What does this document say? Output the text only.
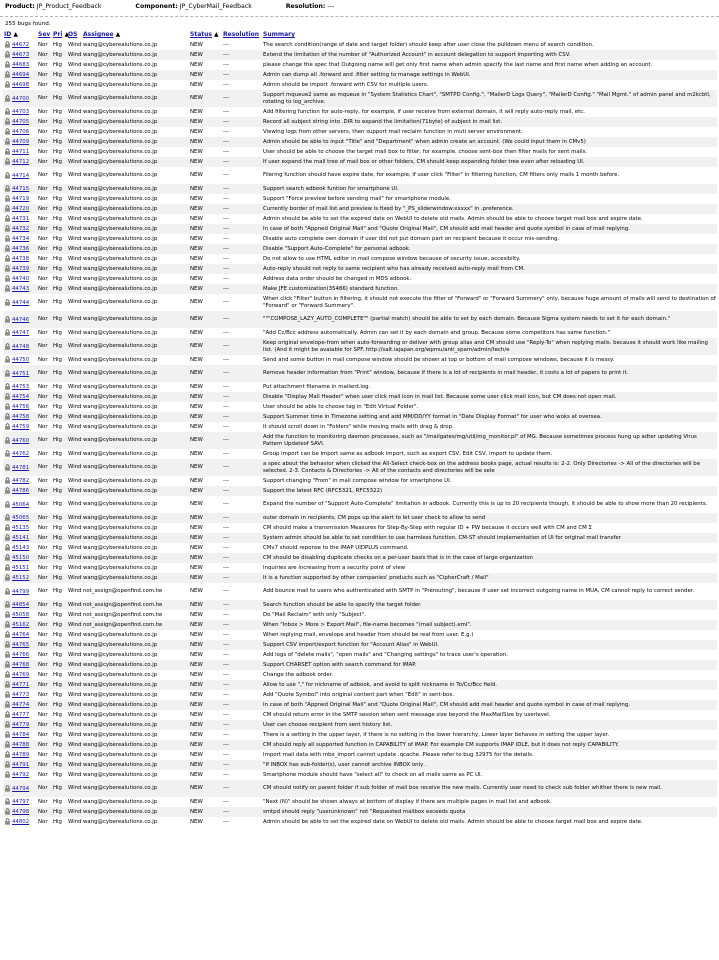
Product: JP_Product_Feedback	Component: JP_CyberMail_Feedback	Resolution: ---
255 bugs found.
ID ▲	Sev	Pri ▲	OS	Assignee ▲	Status ▲	Resolution	Summary
44672	Nor	Hig	Wind	wang@cyberealutions.co.jp	NEW	---	The search condition(range of date and target folder) should keep after user close the pulldown menu of search condition.
44673	Nor	Hig	Wind	wang@cyberealutions.co.jp	NEW	---	Extend the limitation of the number of "Authorized Account" in account delegation to support importing with CSV.
44683	Nor	Hig	Wind	wang@cyberealutions.co.jp	NEW	---	please change the spec that Outgoing name will get only first name when admin specify the last name and first name when adding an account.
44694	Nor	Hig	Wind	wang@cyberealutions.co.jp	NEW	---	Admin can dump all .forward and .filter setting to manage settings in WebUI.
44698	Nor	Hig	Wind	wang@cyberealutions.co.jp	NEW	---	Admin should be import .forward with CSV for multiple users.
44700	Nor	Hig	Wind	wang@cyberealutions.co.jp	NEW	---	Support mqueue2 same as mqueue in "System Statistics Chart", "SMTPD Config.", "MailerD Logs Query", "MailerD Config." "Mail Mgmt." of admin panel and m2kcbtl, rotating to log_archive.
44703	Nor	Hig	Wind	wang@cyberealutions.co.jp	NEW	---	Add filtering function for auto-reply, for example, if user receive from external domain, it will reply auto-reply mail, etc.
44705	Nor	Hig	Wind	wang@cyberealutions.co.jp	NEW	---	Record all subject string into .DIR to expand the limitation(71byte) of subject in mail list.
44706	Nor	Hig	Wind	wang@cyberealutions.co.jp	NEW	---	Viewing logs from other servers, then support mail reclaim function in muti server environment.
44709	Nor	Hig	Wind	wang@cyberealutions.co.jp	NEW	---	Admin should be able to input "Title" and "Department" when admin create an account. (We could input them in CMv5)
44711	Nor	Hig	Wind	wang@cyberealutions.co.jp	NEW	---	User should be able to choose the target mail box to filter, for example, choose sent-box then filter mails for sent mails.
44712	Nor	Hig	Wind	wang@cyberealutions.co.jp	NEW	---	If user expand the mail tree of mail box or other folders, CM should keep expanding folder tree even after reloading UI.
44714	Nor	Hig	Wind	wang@cyberealutions.co.jp	NEW	---	Filering function should have expire date, for example, if user click "Filter" in filtering function, CM filters only mails 1 month before.
44715	Nor	Hig	Wind	wang@cyberealutions.co.jp	NEW	---	Support search adbook funtion for smartphone UI.
44719	Nor	Hig	Wind	wang@cyberealutions.co.jp	NEW	---	Support "Force preview before sending mail" for smartphone module.
44720	Nor	Hig	Wind	wang@cyberealutions.co.jp	NEW	---	Currently border of mail list and preview is fixed by "_PS_sliderwindow:xxxxx" in .preference.
44731	Nor	Hig	Wind	wang@cyberealutions.co.jp	NEW	---	Admin should be able to set the expired date on WebUI to delete old mails. Admin should be able to choose target mail box and expire date.
44732	Nor	Hig	Wind	wang@cyberealutions.co.jp	NEW	---	In case of both "Appned Original Mail" and "Quote Original Mail", CM should add mail header and quote symbol in case of mail replying.
44734	Nor	Hig	Wind	wang@cyberealutions.co.jp	NEW	---	Disable auto complete own domain if user did not put domain part on recipient because it occur mis-sending.
44736	Nor	Hig	Wind	wang@cyberealutions.co.jp	NEW	---	Disable "Support Auto-Complete" for personal adbook.
44738	Nor	Hig	Wind	wang@cyberealutions.co.jp	NEW	---	Do not allow to use HTML editor in mail compose window because of security issue, accesibilty.
44739	Nor	Hig	Wind	wang@cyberealutions.co.jp	NEW	---	Auto-reply should not reply to same recipient who has already received auto-reply mail from CM.
44740	Nor	Hig	Wind	wang@cyberealutions.co.jp	NEW	---	Address data order should be changed in MDS adbook.
44743	Nor	Hig	Wind	wang@cyberealutions.co.jp	NEW	---	Make JFE customization(35486) standard function.
44744	Nor	Hig	Wind	wang@cyberealutions.co.jp	NEW	---	When click "Filter" button in filtering, it should not execute the filter of "Forward" or "Forward Summery" only, because huge amount of mails will send to destination of "Forward" or "Forward Summery".
44746	Nor	Hig	Wind	wang@cyberealutions.co.jp	NEW	---	"""COMPOSE_LAZY_AUTO_COMPLETE"" (partial match) should be able to set by each domain. Because Sigma system needs to set it for each domain."
44747	Nor	Hig	Wind	wang@cyberealutions.co.jp	NEW	---	"Add Cc/Bcc address automatically. Admin can set it by each domain and group. Because some competitors has same function."
44748	Nor	Hig	Wind	wang@cyberealutions.co.jp	NEW	---	Keep original envelope-from when auto-forwarding or deliver with group alias and CM should use "Reply-To" when replying mails. because it should work like mailing list. (And it might be avaiable for SPF. http://salt.iajapan.org/wpmu/anti_spam/admin/tech/e
44750	Nor	Hig	Wind	wang@cyberealutions.co.jp	NEW	---	Send and some button in mail compose window should be shown at top or bottom of mail compose windows, because it is messy.
44751	Nor	Hig	Wind	wang@cyberealutions.co.jp	NEW	---	Remove header information from "Print" window, because if there is a lot of recipients in mail header, it costs a lot of papers to print it.
44753	Nor	Hig	Wind	wang@cyberealutions.co.jp	NEW	---	Put attachment filename in mailerd.log.
44754	Nor	Hig	Wind	wang@cyberealutions.co.jp	NEW	---	Disable "Display Mail Header" when user click mail icon in mail list. Because some user click mail icon, but CM does not open mail.
44756	Nor	Hig	Wind	wang@cyberealutions.co.jp	NEW	---	User should be able to choose tag in "Edit Virtual Folder".
44758	Nor	Hig	Wind	wang@cyberealutions.co.jp	NEW	---	Support Summer time in Timezone setting and add MM/DD/YY format in "Date Display Format" for user who woks at oversea.
44759	Nor	Hig	Wind	wang@cyberealutions.co.jp	NEW	---	It should scroll down in "Folders" while moving mails with drag & drop.
44760	Nor	Hig	Wind	wang@cyberealutions.co.jp	NEW	---	Add the function to monitoring daemon processes, such as "/mailgates/mg/util/mg_monitor.pl" of MG. Because sometimes process hung up adter updating Virus Pattern Updateof SAVI.
44762	Nor	Hig	Wind	wang@cyberealutions.co.jp	NEW	---	Group import can be import same as adbook import, such as export CSV, Edit CSV, import to update them.
44781	Nor	Hig	Wind	wang@cyberealutions.co.jp	NEW	---	a spec about the behavior when clicked the All-Select check-box on the address books page, actual results is: 2-2. Only Directories -> All of the directories will be selected. 2-3. Contacts & Directories -> All of the contacts and directories will be sele
44782	Nor	Hig	Wind	wang@cyberealutions.co.jp	NEW	---	Support changing "From" in mail compose window for smartphone UI.
44786	Nor	Hig	Wind	wang@cyberealutions.co.jp	NEW	---	Support the latest RFC (RFC5321, RFC5322)
45064	Nor	Hig	Wind	wang@cyberealutions.co.jp	NEW	---	Expand the number of "Support Auto-Complete" limitation in adbook. Currently this is up to 20 recipients though, it should be able to show more than 20 recipients.
45065	Nor	Hig	Wind	wang@cyberealutions.co.jp	NEW	---	outer domain in recipients, CM pops up the alert to let user check to allow to send
45135	Nor	Hig	Wind	wang@cyberealutions.co.jp	NEW	---	CM should make a transmission Measures for Step-By-Step with regular ID + PW because it occurs well with CM and CM Σ
45141	Nor	Hig	Wind	wang@cyberealutions.co.jp	NEW	---	System admin should be able to set condition to use harmless function. CM-ST should implementation of UI for original mail transfer
45143	Nor	Hig	Wind	wang@cyberealutions.co.jp	NEW	---	CMv7 should reponse to the IMAP UIDPLUS command.
45150	Nor	Hig	Wind	wang@cyberealutions.co.jp	NEW	---	CM should be disabling duplicate checks on a per-user basis that is in the case of large organization
45151	Nor	Hig	Wind	wang@cyberealutions.co.jp	NEW	---	Inquiries are increasing from a security point of view
45152	Nor	Hig	Wind	wang@cyberealutions.co.jp	NEW	---	It is a function supported by other companies' products such as "CipherCraft / Mail"
44799	Nor	Hig	Wind	not_assign@openfind.com.tw	NEW	---	Add bounce mail to users who authenticated with SMTP in "Prerouting", because if user set incorrect outgoing name in MUA, CM cannot reply to correct sender.
44854	Nor	Hig	Wind	not_assign@openfind.com.tw	NEW	---	Search function should be able to specify the target folder.
45058	Nor	Hig	Wind	not_assign@openfind.com.tw	NEW	---	Do "Mail Reclaim" with only "Subject".
45162	Nor	Hig	Wind	not_assign@openfind.com.tw	NEW	---	When "Inbox > More > Export Mail", file-name becomes "(mail subject).eml".
44764	Nor	Hig	Wind	wang@cyberealutions.co.jp	NEW	---	When replying mail, envelope and header from should be real from user. E.g.)
44765	Nor	Hig	Wind	wang@cyberealutions.co.jp	NEW	---	Support CSV import/export function for "Account Alias" in WebUI.
44766	Nor	Hig	Wind	wang@cyberealutions.co.jp	NEW	---	Add logs of "delete mails", "open mails" and "Changing settings" to trace user's operation.
44768	Nor	Hig	Wind	wang@cyberealutions.co.jp	NEW	---	Support CHARSET option with search command for IMAP.
44769	Nor	Hig	Wind	wang@cyberealutions.co.jp	NEW	---	Change the adbook order.
44771	Nor	Hig	Wind	wang@cyberealutions.co.jp	NEW	---	Allow to use "," for nickname of adbook, and avoid to split nickname in To/Cc/Bcc field.
44773	Nor	Hig	Wind	wang@cyberealutions.co.jp	NEW	---	Add "Quote Symbol" into original content part when "Edit" in sent-box.
44774	Nor	Hig	Wind	wang@cyberealutions.co.jp	NEW	---	In case of both "Appned Original Mail" and "Quote Original Mail", CM should add mail header and quote symbol in case of mail replying.
44777	Nor	Hig	Wind	wang@cyberealutions.co.jp	NEW	---	CM should return error in the SMTP session when sent message size beyond the MaxMailSize by userlevel.
44779	Nor	Hig	Wind	wang@cyberealutions.co.jp	NEW	---	User can choose recipient from sent history list.
44784	Nor	Hig	Wind	wang@cyberealutions.co.jp	NEW	---	There is a setting in the upper layer, if there is no setting in the lower hierarchy, Lower layer behaves in setting the upper layer.
44788	Nor	Hig	Wind	wang@cyberealutions.co.jp	NEW	---	CM should reply all supported function in CAPABILITY of IMAP. For example CM supports IMAP IDLE, but it does not reply CAPABILITY.
44789	Nor	Hig	Wind	wang@cyberealutions.co.jp	NEW	---	Import mail data with mbx_import cannot update .qcache. Please refer to bug 32975 for the details.
44791	Nor	Hig	Wind	wang@cyberealutions.co.jp	NEW	---	"If INBOX has sub-folder(s), user cannot archive INBOX only .
44792	Nor	Hig	Wind	wang@cyberealutions.co.jp	NEW	---	Smartphone module should have "select all" to check on all mails same as PC UI.
44794	Nor	Hig	Wind	wang@cyberealutions.co.jp	NEW	---	CM should notify on parent folder if sub folder of mail box receive the new mails. Currently user need to check sub folder whither there is new mail.
44797	Nor	Hig	Wind	wang@cyberealutions.co.jp	NEW	---	"Next (N)" should be shown always at bottom of display if there are multiple pages in mail list and adbook.
44798	Nor	Hig	Wind	wang@cyberealutions.co.jp	NEW	---	smtpd should reply "userunknown" not "Requested mailbox exceeds quota
44802	Nor	Hig	Wind	wang@cyberealutions.co.jp	NEW	---	Admin should be able to set the expired date on WebUI to delete old mails. Admin should be able to choose target mail box and expire date.
